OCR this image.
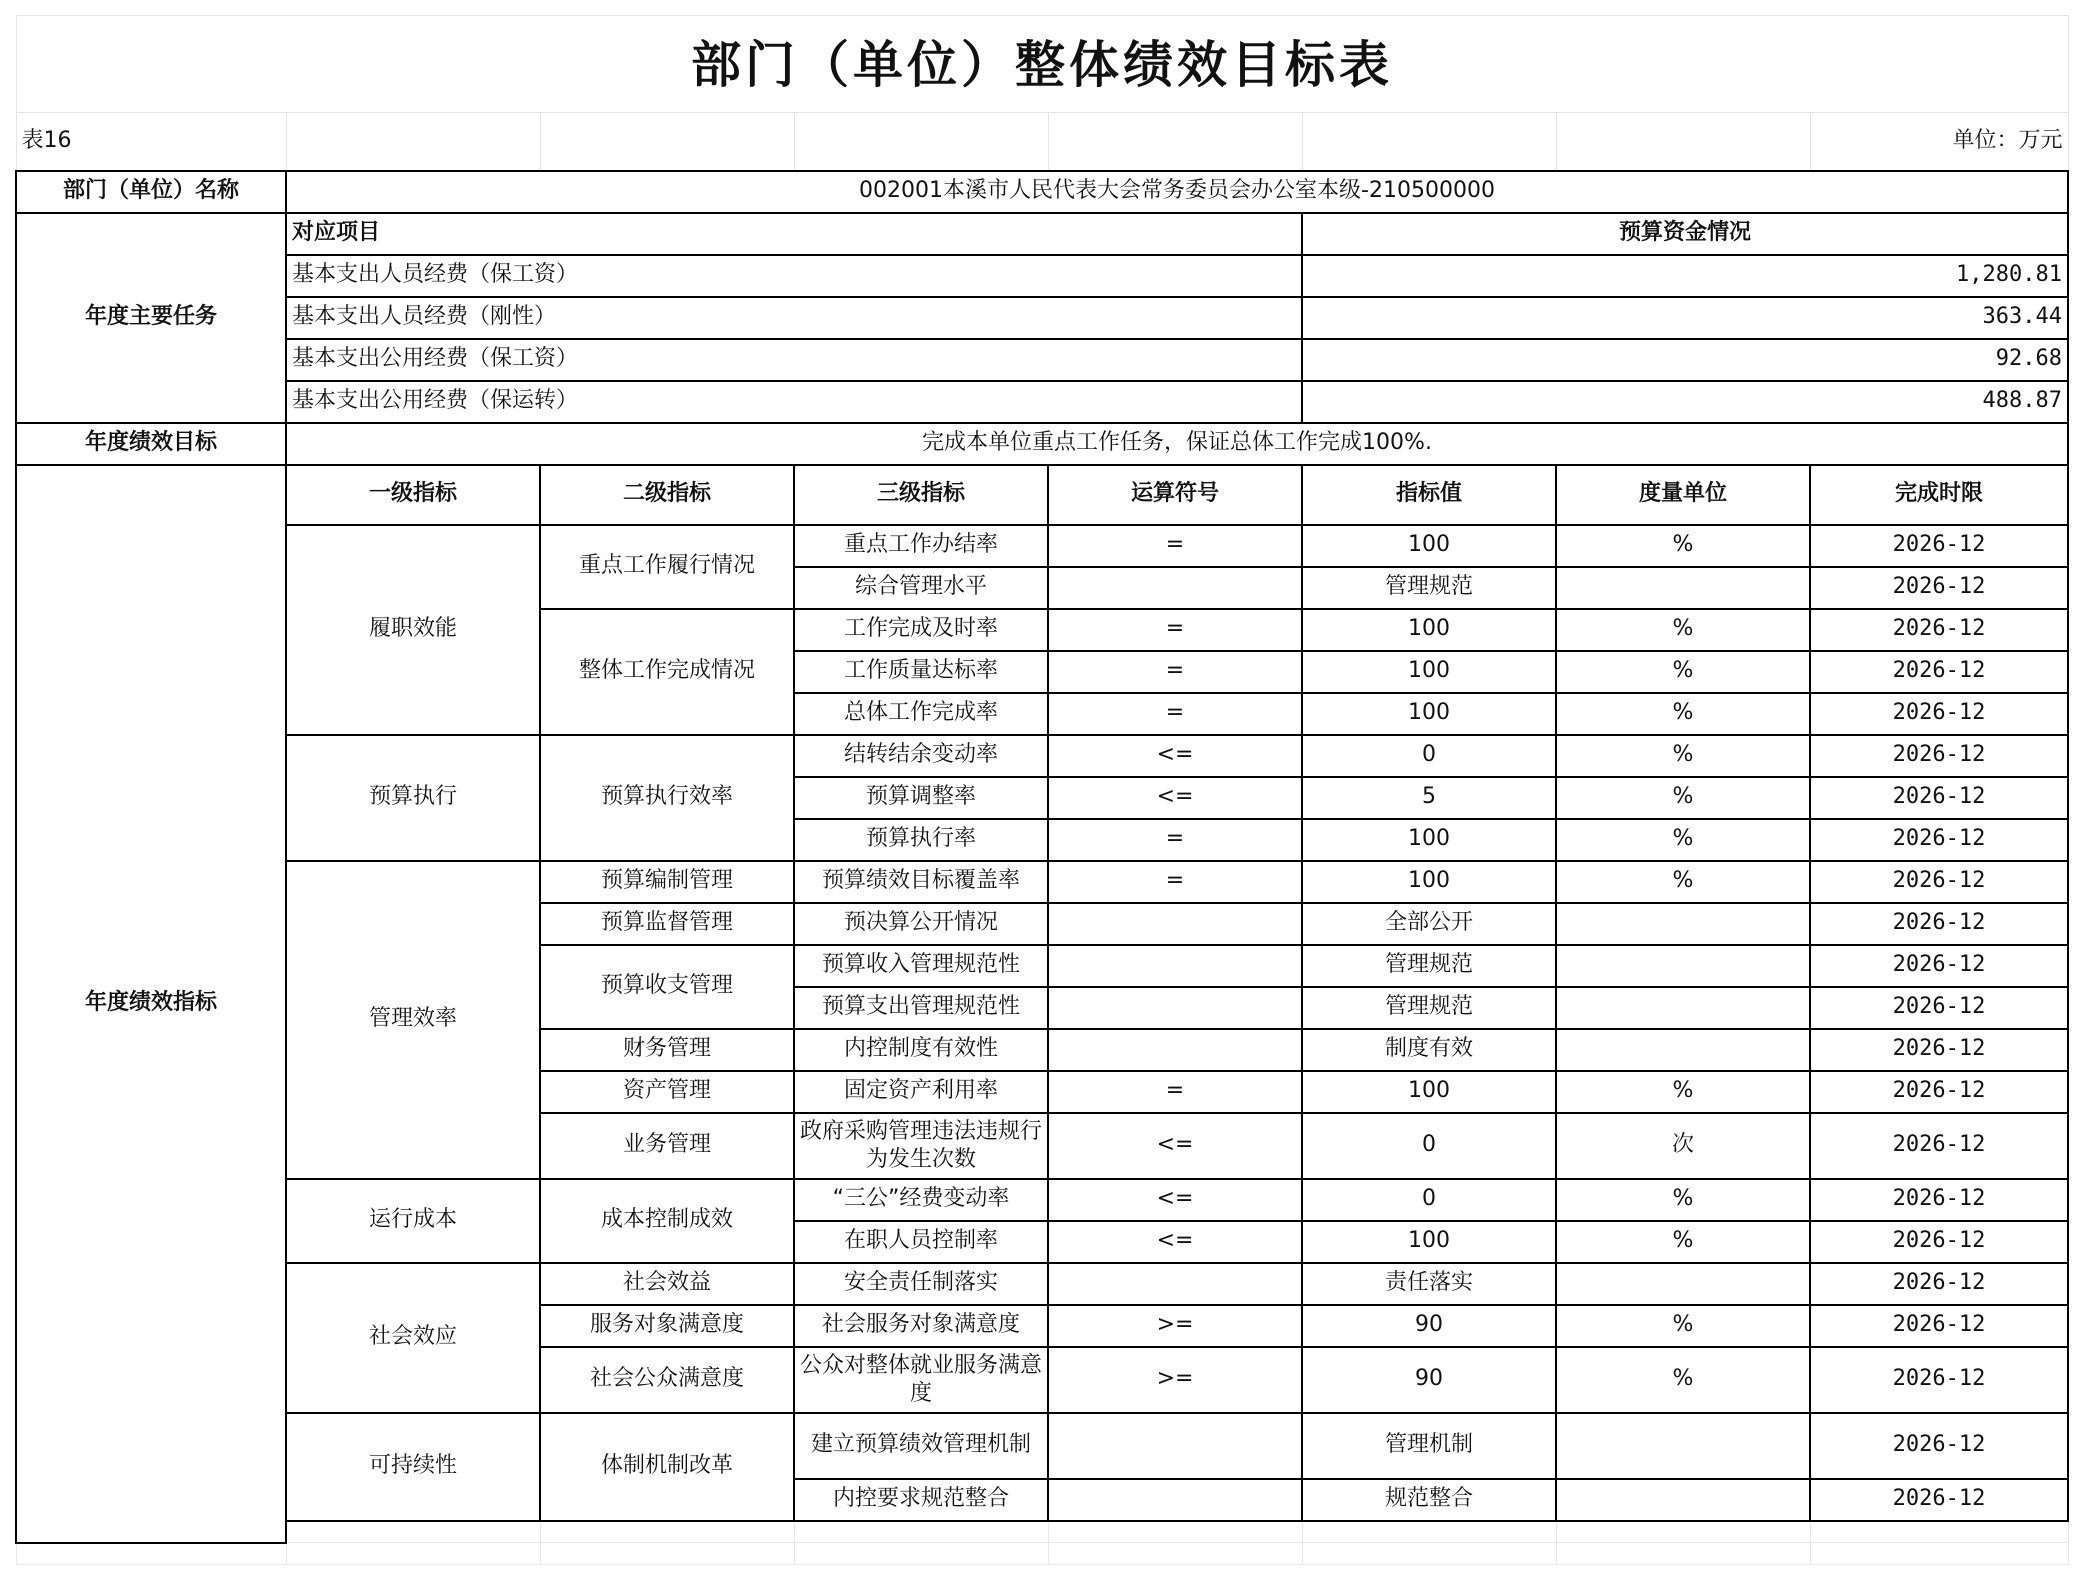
部门（单位）整体绩效目标表								
表16							单位：万元	
部门（单位）名称	002001本溪市人民代表大会常务委员会办公室本级-210500000							
年度主要任务	对应项目				预算资金情况			
	基本支出人员经费（保工资）				1,280.81			
	基本支出人员经费（刚性）				363.44			
	基本支出公用经费（保工资）				92.68			
	基本支出公用经费（保运转）				488.87			
年度绩效目标	完成本单位重点工作任务，保证总体工作完成100%.							
年度绩效指标	一级指标	二级指标	三级指标	运算符号	指标值	度量单位	完成时限	
	履职效能	重点工作履行情况	重点工作办结率	=	100	%	2026-12	
			综合管理水平		管理规范		2026-12	
		整体工作完成情况	工作完成及时率	=	100	%	2026-12	
			工作质量达标率	=	100	%	2026-12	
			总体工作完成率	=	100	%	2026-12	
	预算执行	预算执行效率	结转结余变动率	<=	0	%	2026-12	
			预算调整率	<=	5	%	2026-12	
			预算执行率	=	100	%	2026-12	
	管理效率	预算编制管理	预算绩效目标覆盖率	=	100	%	2026-12	
		预算监督管理	预决算公开情况		全部公开		2026-12	
		预算收支管理	预算收入管理规范性		管理规范		2026-12	
			预算支出管理规范性		管理规范		2026-12	
		财务管理	内控制度有效性		制度有效		2026-12	
		资产管理	固定资产利用率	=	100	%	2026-12	
		业务管理	政府采购管理违法违规行为发生次数	<=	0	次	2026-12	
	运行成本	成本控制成效	“三公”经费变动率	<=	0	%	2026-12	
			在职人员控制率	<=	100	%	2026-12	
	社会效应	社会效益	安全责任制落实		责任落实		2026-12	
		服务对象满意度	社会服务对象满意度	>=	90	%	2026-12	
		社会公众满意度	公众对整体就业服务满意度	>=	90	%	2026-12	
	可持续性	体制机制改革	建立预算绩效管理机制		管理机制		2026-12	
			内控要求规范整合		规范整合		2026-12	
